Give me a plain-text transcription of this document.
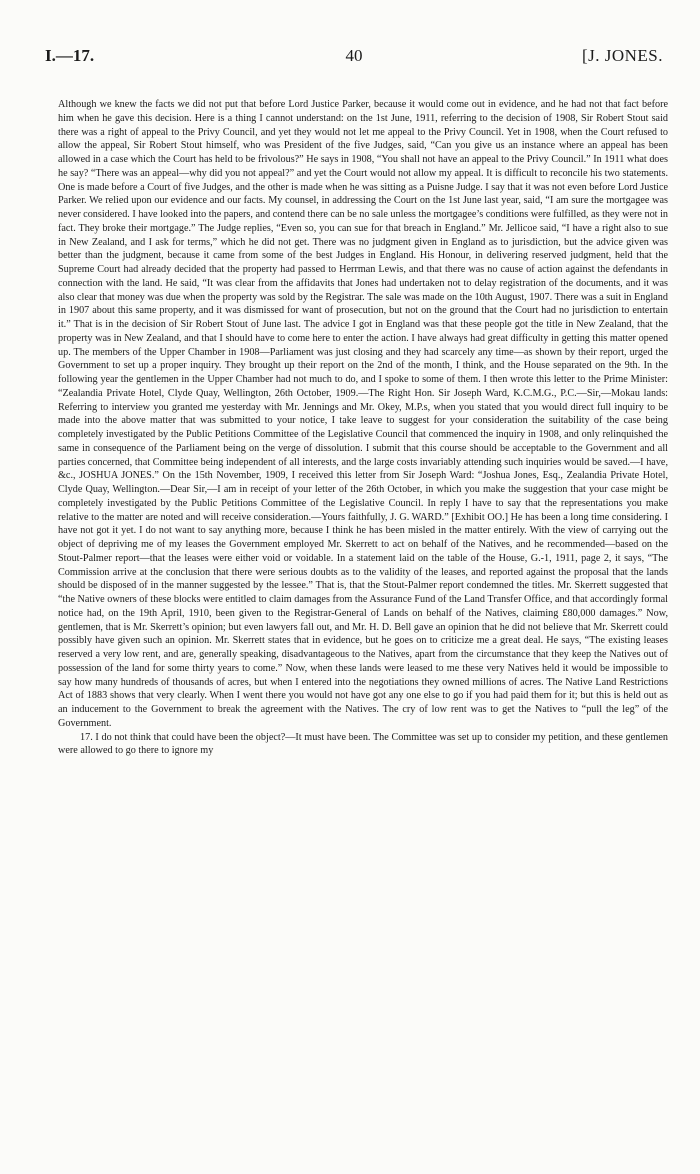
I.—17.	40	[J. JONES.

Although we knew the facts we did not put that before Lord Justice Parker, because it would come out in evidence, and he had not that fact before him when he gave this decision. Here is a thing I cannot understand: on the 1st June, 1911, referring to the decision of 1908, Sir Robert Stout said there was a right of appeal to the Privy Council, and yet they would not let me appeal to the Privy Council. Yet in 1908, when the Court refused to allow the appeal, Sir Robert Stout himself, who was President of the five Judges, said, “Can you give us an instance where an appeal has been allowed in a case which the Court has held to be frivolous?” He says in 1908, “You shall not have an appeal to the Privy Council.” In 1911 what does he say? “There was an appeal—why did you not appeal?” and yet the Court would not allow my appeal. It is difficult to reconcile his two statements. One is made before a Court of five Judges, and the other is made when he was sitting as a Puisne Judge. I say that it was not even before Lord Justice Parker. We relied upon our evidence and our facts. My counsel, in addressing the Court on the 1st June last year, said, “I am sure the mortgagee was never considered. I have looked into the papers, and contend there can be no sale unless the mortgagee’s conditions were fulfilled, as they were not in fact. They broke their mortgage.” The Judge replies, “Even so, you can sue for that breach in England.” Mr. Jellicoe said, “I have a right also to sue in New Zealand, and I ask for terms,” which he did not get. There was no judgment given in England as to jurisdiction, but the advice given was better than the judgment, because it came from some of the best Judges in England. His Honour, in delivering reserved judgment, held that the Supreme Court had already decided that the property had passed to Herrman Lewis, and that there was no cause of action against the defendants in connection with the land. He said, “It was clear from the affidavits that Jones had undertaken not to delay registration of the documents, and it was also clear that money was due when the property was sold by the Registrar. The sale was made on the 10th August, 1907. There was a suit in England in 1907 about this same property, and it was dismissed for want of prosecution, but not on the ground that the Court had no jurisdiction to entertain it.” That is in the decision of Sir Robert Stout of June last. The advice I got in England was that these people got the title in New Zealand, that the property was in New Zealand, and that I should have to come here to enter the action. I have always had great difficulty in getting this matter opened up. The members of the Upper Chamber in 1908—Parliament was just closing and they had scarcely any time—as shown by their report, urged the Government to set up a proper inquiry. They brought up their report on the 2nd of the month, I think, and the House separated on the 9th. In the following year the gentlemen in the Upper Chamber had not much to do, and I spoke to some of them. I then wrote this letter to the Prime Minister: “Zealandia Private Hotel, Clyde Quay, Wellington, 26th October, 1909.—The Right Hon. Sir Joseph Ward, K.C.M.G., P.C.—Sir,—Mokau lands: Referring to interview you granted me yesterday with Mr. Jennings and Mr. Okey, M.P.s, when you stated that you would direct full inquiry to be made into the above matter that was submitted to your notice, I take leave to suggest for your consideration the suitability of the case being completely investigated by the Public Petitions Committee of the Legislative Council that commenced the inquiry in 1908, and only relinquished the same in consequence of the Parliament being on the verge of dissolution. I submit that this course should be acceptable to the Government and all parties concerned, that Committee being independent of all interests, and the large costs invariably attending such inquiries would be saved.—I have, &c., JOSHUA JONES.” On the 15th November, 1909, I received this letter from Sir Joseph Ward: “Joshua Jones, Esq., Zealandia Private Hotel, Clyde Quay, Wellington.—Dear Sir,—I am in receipt of your letter of the 26th October, in which you make the suggestion that your case might be completely investigated by the Public Petitions Committee of the Legislative Council. In reply I have to say that the representations you make relative to the matter are noted and will receive consideration.—Yours faithfully, J. G. WARD.” [Exhibit OO.] He has been a long time considering. I have not got it yet. I do not want to say anything more, because I think he has been misled in the matter entirely. With the view of carrying out the object of depriving me of my leases the Government employed Mr. Skerrett to act on behalf of the Natives, and he recommended—based on the Stout-Palmer report—that the leases were either void or voidable. In a statement laid on the table of the House, G.-1, 1911, page 2, it says, “The Commission arrive at the conclusion that there were serious doubts as to the validity of the leases, and reported against the proposal that the lands should be disposed of in the manner suggested by the lessee.” That is, that the Stout-Palmer report condemned the titles. Mr. Skerrett suggested that “the Native owners of these blocks were entitled to claim damages from the Assurance Fund of the Land Transfer Office, and that accordingly formal notice had, on the 19th April, 1910, been given to the Registrar-General of Lands on behalf of the Natives, claiming £80,000 damages.” Now, gentlemen, that is Mr. Skerrett’s opinion; but even lawyers fall out, and Mr. H. D. Bell gave an opinion that he did not believe that Mr. Skerrett could possibly have given such an opinion. Mr. Skerrett states that in evidence, but he goes on to criticize me a great deal. He says, “The existing leases reserved a very low rent, and are, generally speaking, disadvantageous to the Natives, apart from the circumstance that they keep the Natives out of possession of the land for some thirty years to come.” Now, when these lands were leased to me these very Natives held it would be impossible to say how many hundreds of thousands of acres, but when I entered into the negotiations they owned millions of acres. The Native Land Restrictions Act of 1883 shows that very clearly. When I went there you would not have got any one else to go if you had paid them for it; but this is held out as an inducement to the Government to break the agreement with the Natives. The cry of low rent was to get the Natives to “pull the leg” of the Government.

17. I do not think that could have been the object?—It must have been. The Committee was set up to consider my petition, and these gentlemen were allowed to go there to ignore my
